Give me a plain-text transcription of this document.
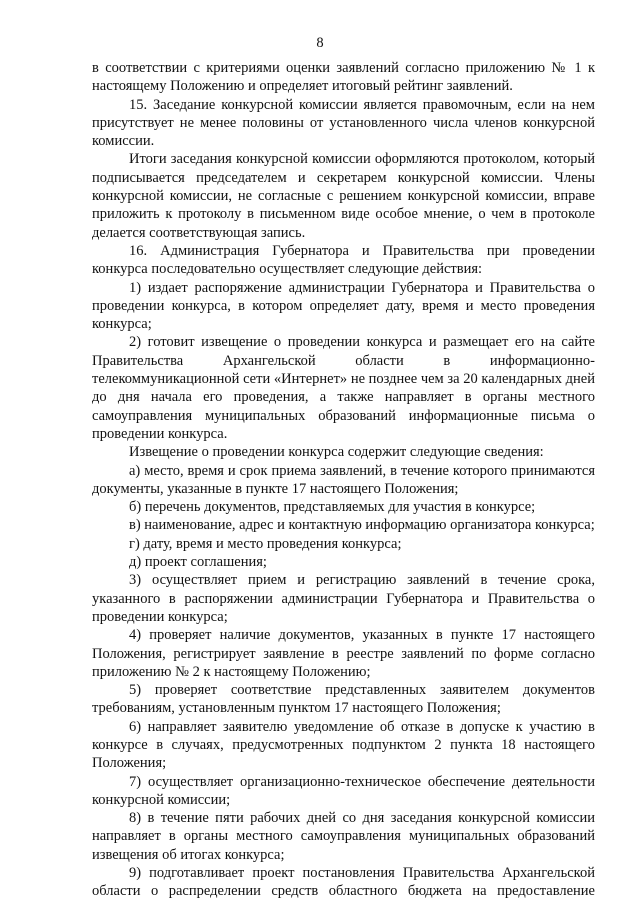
8

в соответствии с критериями оценки заявлений согласно приложению № 1 к настоящему Положению и определяет итоговый рейтинг заявлений.

15. Заседание конкурсной комиссии является правомочным, если на нем присутствует не менее половины от установленного числа членов конкурсной комиссии.

Итоги заседания конкурсной комиссии оформляются протоколом, который подписывается председателем и секретарем конкурсной комиссии. Члены конкурсной комиссии, не согласные с решением конкурсной комиссии, вправе приложить к протоколу в письменном виде особое мнение, о чем в протоколе делается соответствующая запись.

16. Администрация Губернатора и Правительства при проведении конкурса последовательно осуществляет следующие действия:

1) издает распоряжение администрации Губернатора и Правительства о проведении конкурса, в котором определяет дату, время и место проведения конкурса;

2) готовит извещение о проведении конкурса и размещает его на сайте Правительства Архангельской области в информационно-телекоммуникационной сети «Интернет» не позднее чем за 20 календарных дней до дня начала его проведения, а также направляет в органы местного самоуправления муниципальных образований информационные письма о проведении конкурса.

Извещение о проведении конкурса содержит следующие сведения:

а) место, время и срок приема заявлений, в течение которого принимаются документы, указанные в пункте 17 настоящего Положения;

б) перечень документов, представляемых для участия в конкурсе;

в) наименование, адрес и контактную информацию организатора конкурса;

г) дату, время и место проведения конкурса;

д) проект соглашения;

3) осуществляет прием и регистрацию заявлений в течение срока, указанного в распоряжении администрации Губернатора и Правительства о проведении конкурса;

4) проверяет наличие документов, указанных в пункте 17 настоящего Положения, регистрирует заявление в реестре заявлений по форме согласно приложению № 2 к настоящему Положению;

5) проверяет соответствие представленных заявителем документов требованиям, установленным пунктом 17 настоящего Положения;

6) направляет заявителю уведомление об отказе в допуске к участию в конкурсе в случаях, предусмотренных подпунктом 2 пункта 18 настоящего Положения;

7) осуществляет организационно-техническое обеспечение деятельности конкурсной комиссии;

8) в течение пяти рабочих дней со дня заседания конкурсной комиссии направляет в органы местного самоуправления муниципальных образований извещения об итогах конкурса;

9) подготавливает проект постановления Правительства Архангельской области о распределении средств областного бюджета на предоставление
